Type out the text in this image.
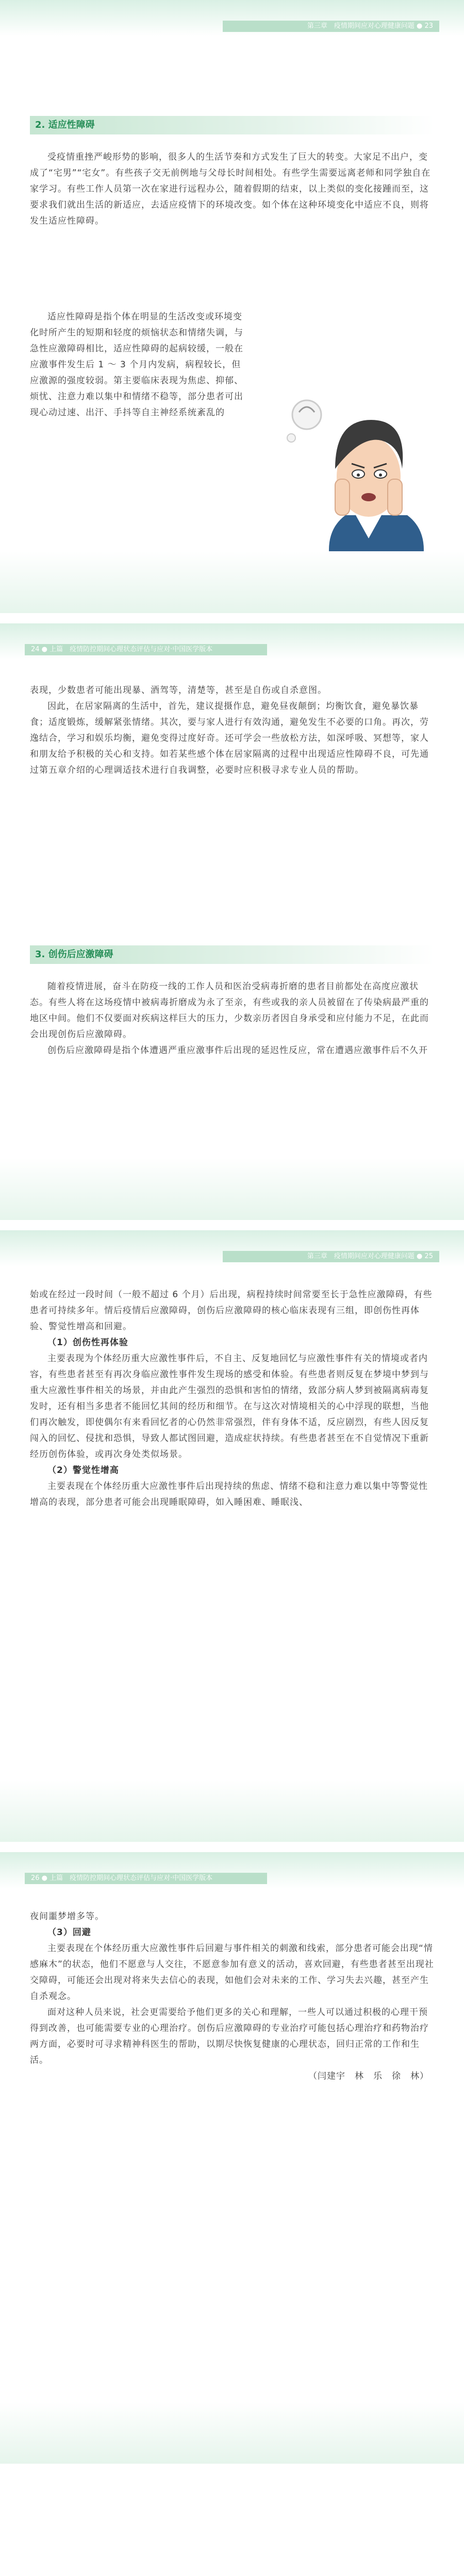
第三章　疫情期间应对心理健康问题 ● 23
2. 适应性障碍

受疫情重挫严峻形势的影响，很多人的生活节奏和方式发生了巨大的转变。大家足不出户，变成了“宅男”“宅女”。有些孩子交无前例地与父母长时间相处。有些学生需要远离老师和同学独自在家学习。有些工作人员第一次在家进行远程办公，随着假期的结束，以上类似的变化接踵而至，这要求我们就出生活的新适应，去适应疫情下的环境改变。如个体在这种环境变化中适应不良，则将发生适应性障碍。

适应性障碍是指个体在明显的生活改变或环境变化时所产生的短期和轻度的烦恼状态和情绪失调，与急性应激障碍相比，适应性障碍的起病较缓，一般在应激事件发生后 1 ～ 3 个月内发病，病程较长，但应激源的强度较弱。第主要临床表现为焦虑、抑郁、烦忧、注意力难以集中和情绪不稳等，部分患者可出现心动过速、出汗、手抖等自主神经系统紊乱的

24 ● 上篇　疫情防控期间心理状态评估与应对·中国医学版本

表现，少数患者可能出现暴、酒驾等，清楚等，甚至是自伤或自杀意图。

因此，在居家隔离的生活中，首先，建议提摄作息，避免昼夜颠倒；均衡饮食，避免暴饮暴食；适度锻炼，缓解紧张情绪。其次，要与家人进行有效沟通，避免发生不必要的口角。再次，劳逸结合，学习和娱乐均衡，避免变得过度好奇。还可学会一些放松方法，如深呼吸、冥想等，家人和朋友给予积极的关心和支持。如若某些感个体在居家隔离的过程中出现适应性障碍不良，可先通过第五章介绍的心理调适技术进行自我调整，必要时应积极寻求专业人员的帮助。

3. 创伤后应激障碍

随着疫情进展，奋斗在防疫一线的工作人员和医治受病毒折磨的患者目前都处在高度应激状态。有些人将在这场疫情中被病毒折磨成为永了至亲，有些或我的亲人员被留在了传染病最严重的地区中间。他们不仅要面对疾病这样巨大的压力，少数亲历者因自身承受和应付能力不足，在此而会出现创伤后应激障碍。

创伤后应激障碍是指个体遭遇严重应激事件后出现的延迟性反应，常在遭遇应激事件后不久开

第三章　疫情期间应对心理健康问题 ● 25

始或在经过一段时间（一般不超过 6 个月）后出现，病程持续时间常要至长于急性应激障碍，有些患者可持续多年。情后疫情后应激障碍，创伤后应激障碍的核心临床表现有三组，即创伤性再体验、警觉性增高和回避。

（1）创伤性再体验

主要表现为个体经历重大应激性事件后，不自主、反复地回忆与应激性事件有关的情境或者内容，有些患者甚至有再次身临应激性事件发生现场的感受和体验。有些患者则反复在梦境中梦到与重大应激性事件相关的场景，并由此产生强烈的恐惧和害怕的情绪，致部分病人梦到被隔离病毒复发时，还有相当多患者不能回忆其间的经历和细节。在与这次对情境相关的心中浮现的联想，当他们再次触发，即使偶尔有来看回忆者的心仍然非常强烈，伴有身体不适，反应剧烈，有些人因反复闯入的回忆、侵扰和恐惧，导致人都试图回避，造成症状持续。有些患者甚至在不自觉情况下重新经历创伤体验，或再次身处类似场景。

（2）警觉性增高

主要表现在个体经历重大应激性事件后出现持续的焦虑、情绪不稳和注意力难以集中等警觉性增高的表现，部分患者可能会出现睡眠障碍，如入睡困难、睡眠浅、

26 ● 上篇　疫情防控期间心理状态评估与应对·中国医学版本

夜间噩梦增多等。

（3）回避

主要表现在个体经历重大应激性事件后回避与事件相关的刺激和线索，部分患者可能会出现“情感麻木”的状态，他们不愿意与人交往，不愿意参加有意义的活动，喜欢回避，有些患者甚至出现社交障碍，可能还会出现对将来失去信心的表现，如他们会对未来的工作、学习失去兴趣，甚至产生自杀观念。

面对这种人员来说，社会更需要给予他们更多的关心和理解，一些人可以通过积极的心理干预得到改善，也可能需要专业的心理治疗。创伤后应激障碍的专业治疗可能包括心理治疗和药物治疗两方面，必要时可寻求精神科医生的帮助，以期尽快恢复健康的心理状态，回归正常的工作和生活。

（闫建宇　林　乐　徐　林）
